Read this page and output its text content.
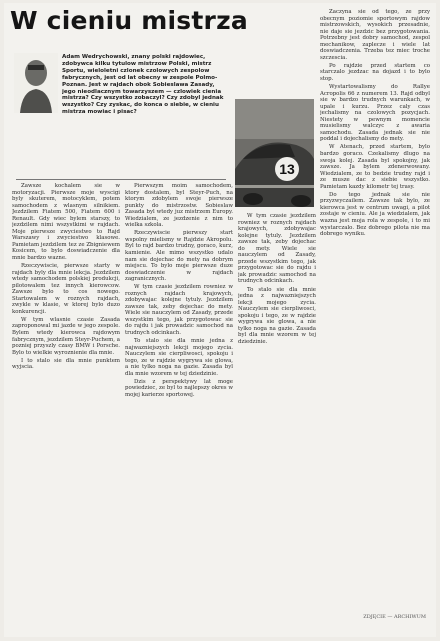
W cieniu mistrza
Adam Wedrychowski, znany polski rajdowiec, zdobywca kilku tytulow mistrzow Polski, mistrz Sportu, wieloletni czlonek czolowych zespolow fabrycznych, jest od lat obecny w zespole Polmo-Poznan. Jest w rajdach obok Sobieslawa Zasady, jego nieodlacznym towarzyszem — czlowiek cienia mistrza? Czy wszystko zobaczyl? Czy zdobyl jednak wszystko? Czy zyskac, do konca o siebie, w cieniu mistrza mowiac i pisac?
13

Zawsze kochalem sie w motoryzacji. Pierwsze moje wyscigi byly skuterem, motocyklem, potem samochodem z wlasnym silnikiem. Jezdzilem Fiatem 500, Fiatem 600 i Renault. Gdy wiec bylem starszy, to jezdzilem nimi wszystkimi w rajdach. Moje pierwsze zwyciestwo to Rajd Warszawy i zwyciestwo klasowe. Pamietam jezdzilem tez ze Zbigniewem Kosicem, to bylo doswiadczenie dla mnie bardzo wazne.

Rzeczywiscie, pierwsze starty w rajdach byly dla mnie lekcja. Jezdzilem wtedy samochodem polskiej produkcji, pilotowalem tez innych kierowcow. Zawsze bylo to cos nowego. Startowalem w roznych rajdach, zwykle w klasie, w ktorej bylo duzo konkurencji.

W tym wlasnie czasie Zasada zaproponowal mi jazde w jego zespole. Bylem wtedy kierowca rajdowym fabrycznym, jezdzilem Steyr-Puchem, a pozniej przyszly czasy BMW i Porsche. Bylo to wielkie wyroznienie dla mnie.

I to stalo sie dla mnie punktem wyjscia.

Pierwszym moim samochodem, ktory dostalem, byl Steyr-Puch, na ktorym zdobylem swoje pierwsze punkty do mistrzostw. Sobieslaw Zasada byl wtedy juz mistrzem Europy. Wiedzialem, ze jezdzenie z nim to wielka szkola.

Rzeczywiscie pierwszy start wspolny mielismy w Rajdzie Akropolu. Byl to rajd bardzo trudny, goraco, kurz, kamienie. Ale mimo wszystko udalo nam sie dojechac do mety na dobrym miejscu. To bylo moje pierwsze duze doswiadczenie w rajdach zagranicznych.

W tym czasie jezdzilem rowniez w roznych rajdach krajowych, zdobywajac kolejne tytuly. Jezdzilem zawsze tak, zeby dojechac do mety. Wiele sie nauczylem od Zasady, przede wszystkim tego, jak przygotowac sie do rajdu i jak prowadzic samochod na trudnych odcinkach.

To stalo sie dla mnie jedna z najwazniejszych lekcji mojego zycia. Nauczylem sie cierpliwosci, spokoju i tego, ze w rajdzie wygrywa sie glowa, a nie tylko noga na gazie. Zasada byl dla mnie wzorem w tej dziedzinie.

Dzis z perspektywy lat moge powiedziec, ze byl to najlepszy okres w mojej karierze sportowej.

Zaczyna sie od tego, ze przy obecnym poziomie sportowym rajdow mistrzowskich, wysokich przesadnie, nie daje sie jezdzic bez przygotowania. Potrzebny jest dobry samochod, zespol mechanikow, zaplecze i wiele lat doswiadczenia. Trzeba tez miec troche szczescia.

Po rajdzie przed startem co starczalo jezdzac na dojazd i to bylo stop.

Wystartowalismy do Rallye Acropolis 66 z numerem 13. Rajd odbyl sie w bardzo trudnych warunkach, w upale i kurzu. Przez caly czas jechalismy na czolowych pozycjach. Niestety w pewnym momencie musielismy walczyc z awaria samochodu. Zasada jednak sie nie poddal i dojechalismy do mety.

W Atenach, przed startem, bylo bardzo goraco. Czekalismy dlugo na swoja kolej. Zasada byl spokojny, jak zawsze. Ja bylem zdenerwowany. Wiedzialem, ze to bedzie trudny rajd i ze musze dac z siebie wszystko. Pamietam kazdy kilometr tej trasy.

Do tego jednak sie nie przyzwyczailem. Zawsze tak bylo, ze kierowca jest w centrum uwagi, a pilot zostaje w cieniu. Ale ja wiedzialem, jak wazna jest moja rola w zespole, i to mi wystarczalo. Bez dobrego pilota nie ma dobrego wyniku.

W tym czasie jezdzilem rowniez w roznych rajdach krajowych, zdobywajac kolejne tytuly. Jezdzilem zawsze tak, zeby dojechac do mety. Wiele sie nauczylem od Zasady, przede wszystkim tego, jak przygotowac sie do rajdu i jak prowadzic samochod na trudnych odcinkach.

To stalo sie dla mnie jedna z najwazniejszych lekcji mojego zycia. Nauczylem sie cierpliwosci, spokoju i tego, ze w rajdzie wygrywa sie glowa, a nie tylko noga na gazie. Zasada byl dla mnie wzorem w tej dziedzinie.

ZDJĘCIE — ARCHIWUM
